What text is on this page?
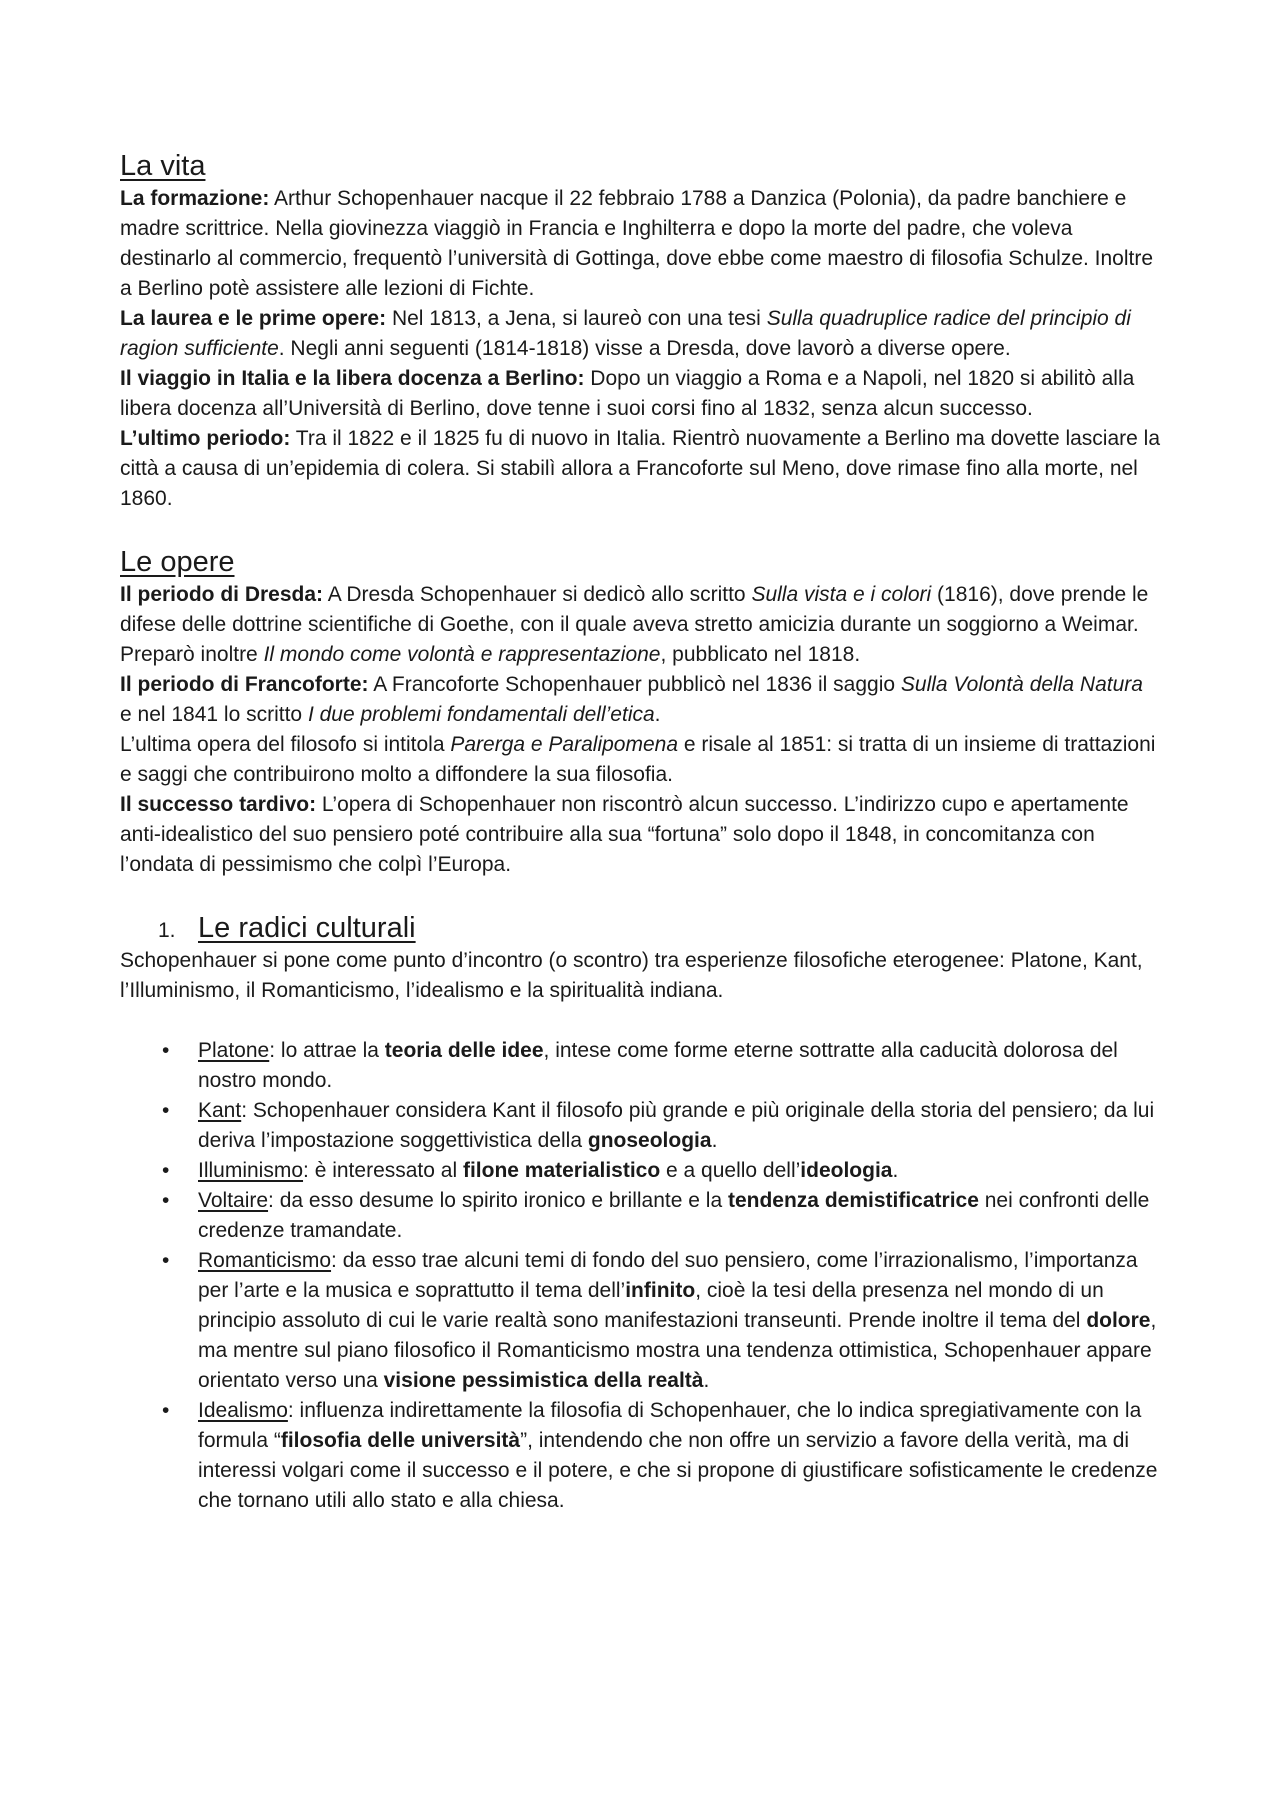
La vita

La formazione: Arthur Schopenhauer nacque il 22 febbraio 1788 a Danzica (Polonia), da padre banchiere e madre scrittrice. Nella giovinezza viaggiò in Francia e Inghilterra e dopo la morte del padre, che voleva destinarlo al commercio, frequentò l’università di Gottinga, dove ebbe come maestro di filosofia Schulze. Inoltre a Berlino potè assistere alle lezioni di Fichte.

La laurea e le prime opere: Nel 1813, a Jena, si laureò con una tesi Sulla quadruplice radice del principio di ragion sufficiente. Negli anni seguenti (1814-1818) visse a Dresda, dove lavorò a diverse opere.

Il viaggio in Italia e la libera docenza a Berlino: Dopo un viaggio a Roma e a Napoli, nel 1820 si abilitò alla libera docenza all’Università di Berlino, dove tenne i suoi corsi fino al 1832, senza alcun successo.

L’ultimo periodo: Tra il 1822 e il 1825 fu di nuovo in Italia. Rientrò nuovamente a Berlino ma dovette lasciare la città a causa di un’epidemia di colera. Si stabilì allora a Francoforte sul Meno, dove rimase fino alla morte, nel 1860.

Le opere

Il periodo di Dresda: A Dresda Schopenhauer si dedicò allo scritto Sulla vista e i colori (1816), dove prende le difese delle dottrine scientifiche di Goethe, con il quale aveva stretto amicizia durante un soggiorno a Weimar. Preparò inoltre Il mondo come volontà e rappresentazione, pubblicato nel 1818.

Il periodo di Francoforte: A Francoforte Schopenhauer pubblicò nel 1836 il saggio Sulla Volontà della Natura e nel 1841 lo scritto I due problemi fondamentali dell’etica.

L’ultima opera del filosofo si intitola Parerga e Paralipomena e risale al 1851: si tratta di un insieme di trattazioni e saggi che contribuirono molto a diffondere la sua filosofia.

Il successo tardivo: L’opera di Schopenhauer non riscontrò alcun successo. L’indirizzo cupo e apertamente anti-idealistico del suo pensiero poté contribuire alla sua “fortuna” solo dopo il 1848, in concomitanza con l’ondata di pessimismo che colpì l’Europa.

1. Le radici culturali

Schopenhauer si pone come punto d’incontro (o scontro) tra esperienze filosofiche eterogenee: Platone, Kant, l’Illuminismo, il Romanticismo, l’idealismo e la spiritualità indiana.

• Platone: lo attrae la teoria delle idee, intese come forme eterne sottratte alla caducità dolorosa del nostro mondo.
• Kant: Schopenhauer considera Kant il filosofo più grande e più originale della storia del pensiero; da lui deriva l’impostazione soggettivistica della gnoseologia.
• Illuminismo: è interessato al filone materialistico e a quello dell’ideologia.
• Voltaire: da esso desume lo spirito ironico e brillante e la tendenza demistificatrice nei confronti delle credenze tramandate.
• Romanticismo: da esso trae alcuni temi di fondo del suo pensiero, come l’irrazionalismo, l’importanza per l’arte e la musica e soprattutto il tema dell’infinito, cioè la tesi della presenza nel mondo di un principio assoluto di cui le varie realtà sono manifestazioni transeunti. Prende inoltre il tema del dolore, ma mentre sul piano filosofico il Romanticismo mostra una tendenza ottimistica, Schopenhauer appare orientato verso una visione pessimistica della realtà.
• Idealismo: influenza indirettamente la filosofia di Schopenhauer, che lo indica spregiativamente con la formula “filosofia delle università”, intendendo che non offre un servizio a favore della verità, ma di interessi volgari come il successo e il potere, e che si propone di giustificare sofisticamente le credenze che tornano utili allo stato e alla chiesa.
